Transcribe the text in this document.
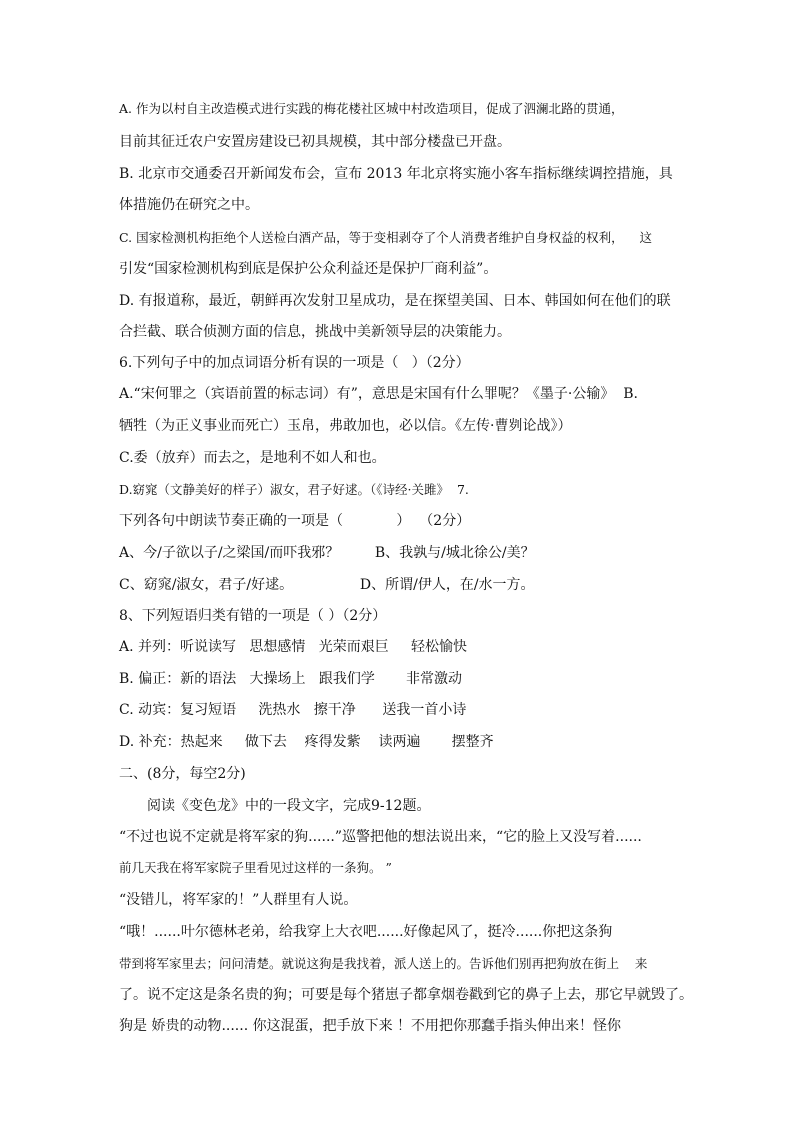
A. 作为以村自主改造模式进行实践的梅花楼社区城中村改造项目，促成了泗澜北路的贯通，
目前其征迁农户安置房建设已初具规模，其中部分楼盘已开盘。
B. 北京市交通委召开新闻发布会，宣布 2013 年北京将实施小客车指标继续调控措施，具
体措施仍在研究之中。
C. 国家检测机构拒绝个人送检白酒产品，等于变相剥夺了个人消费者维护自身权益的权利，    这
引发“国家检测机构到底是保护公众利益还是保护厂商利益”。
D. 有报道称，最近，朝鲜再次发射卫星成功，是在探望美国、日本、韩国如何在他们的联
合拦截、联合侦测方面的信息，挑战中美新领导层的决策能力。
6.下列句子中的加点词语分析有误的一项是（   ）（2分）
A.“宋何罪之（宾语前置的标志词）有”，意思是宋国有什么罪呢？《墨子·公输》  B.
牺牲（为正义事业而死亡）玉帛，弗敢加也，必以信。《左传·曹刿论战》）
C.委（放弃）而去之，是地利不如人和也。
D.窈窕（文静美好的样子）淑女，君子好逑。（《诗经·关雎》  7.
下列各句中朗读节奏正确的一项是（            ）  （2分）
A、今/子欲以子/之梁国/而吓我邪？        B、我孰与/城北徐公/美？
C、窈窕/淑女，君子/好逑。               D、所谓/伊人，在/水一方。
8、下列短语归类有错的一项是（ ）（2分）
A. 并列：听说读写   思想感情   光荣而艰巨     轻松愉快
B. 偏正：新的语法   大操场上   跟我们学       非常激动
C. 动宾：复习短语     洗热水   擦干净      送我一首小诗
D. 补充：热起来     做下去    疼得发紫    读两遍       摆整齐
二、(8分，每空2分)
阅读《变色龙》中的一段文字，完成9-12题。
“不过也说不定就是将军家的狗......”巡警把他的想法说出来，“它的脸上又没写着......
前几天我在将军家院子里看见过这样的一条狗。 ”
“没错儿，将军家的！”人群里有人说。
“哦！......叶尔德林老弟，给我穿上大衣吧......好像起风了，挺冷......你把这条狗
带到将军家里去；问问清楚。就说这狗是我找着，派人送上的。告诉他们别再把狗放在街上    来
了。说不定这是条名贵的狗；可要是每个猪崽子都拿烟卷戳到它的鼻子上去，那它早就毁了。
狗是 娇贵的动物...... 你这混蛋，把手放下来 ！不用把你那蠢手指头伸出来！怪你
